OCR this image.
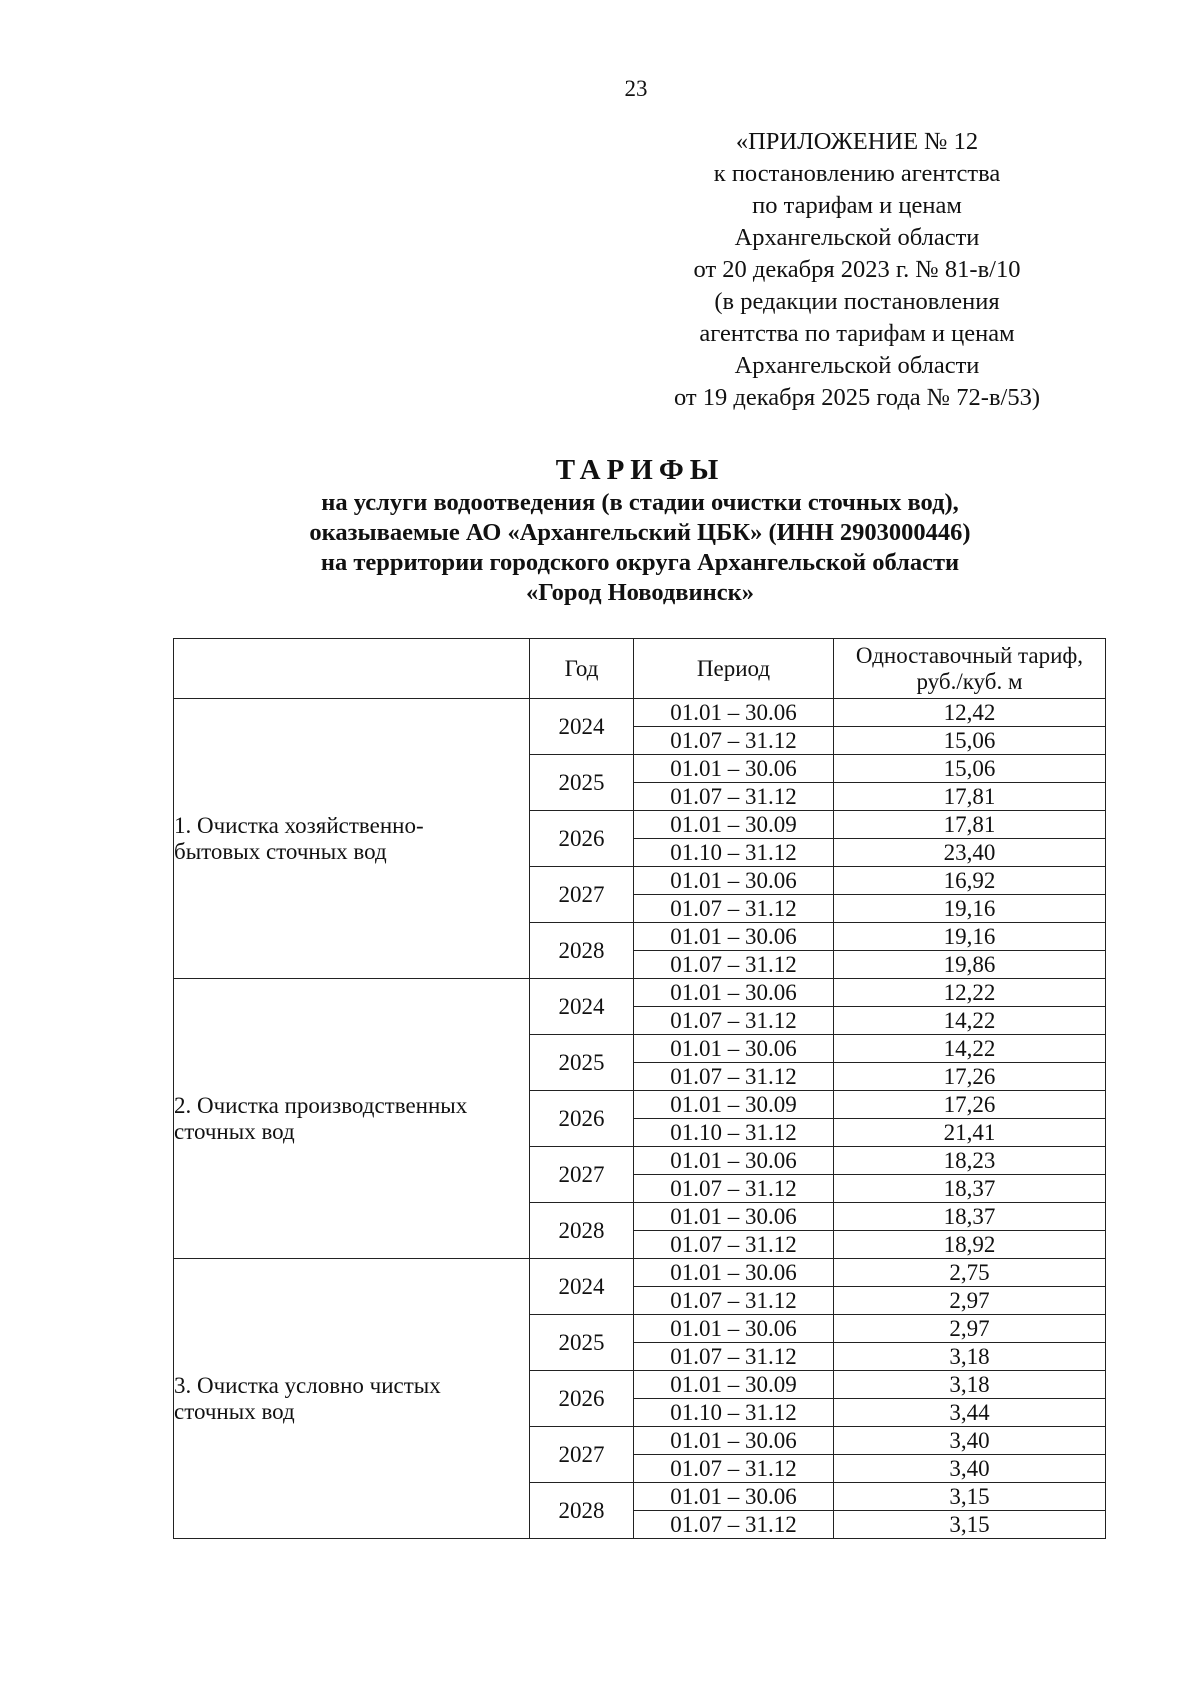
23
«ПРИЛОЖЕНИЕ № 12
к постановлению агентства
по тарифам и ценам
Архангельской области
от 20 декабря 2023 г. № 81-в/10
(в редакции постановления
агентства по тарифам и ценам
Архангельской области
от 19 декабря 2025 года № 72-в/53)
ТАРИФЫ
на услуги водоотведения (в стадии очистки сточных вод),
оказываемые АО «Архангельский ЦБК» (ИНН 2903000446)
на территории городского округа Архангельской области
«Город Новодвинск»
	Год	Период	Одноставочный тариф,
руб./куб. м

1. Очистка хозяйственно-
бытовых сточных вод	2024	01.01 – 30.06	12,42
		01.07 – 31.12	15,06
	2025	01.01 – 30.06	15,06
		01.07 – 31.12	17,81
	2026	01.01 – 30.09	17,81
		01.10 – 31.12	23,40
	2027	01.01 – 30.06	16,92
		01.07 – 31.12	19,16
	2028	01.01 – 30.06	19,16
		01.07 – 31.12	19,86

2. Очистка производственных
сточных вод	2024	01.01 – 30.06	12,22
		01.07 – 31.12	14,22
	2025	01.01 – 30.06	14,22
		01.07 – 31.12	17,26
	2026	01.01 – 30.09	17,26
		01.10 – 31.12	21,41
	2027	01.01 – 30.06	18,23
		01.07 – 31.12	18,37
	2028	01.01 – 30.06	18,37
		01.07 – 31.12	18,92

3. Очистка условно чистых
сточных вод	2024	01.01 – 30.06	2,75
		01.07 – 31.12	2,97
	2025	01.01 – 30.06	2,97
		01.07 – 31.12	3,18
	2026	01.01 – 30.09	3,18
		01.10 – 31.12	3,44
	2027	01.01 – 30.06	3,40
		01.07 – 31.12	3,40
	2028	01.01 – 30.06	3,15
		01.07 – 31.12	3,15
